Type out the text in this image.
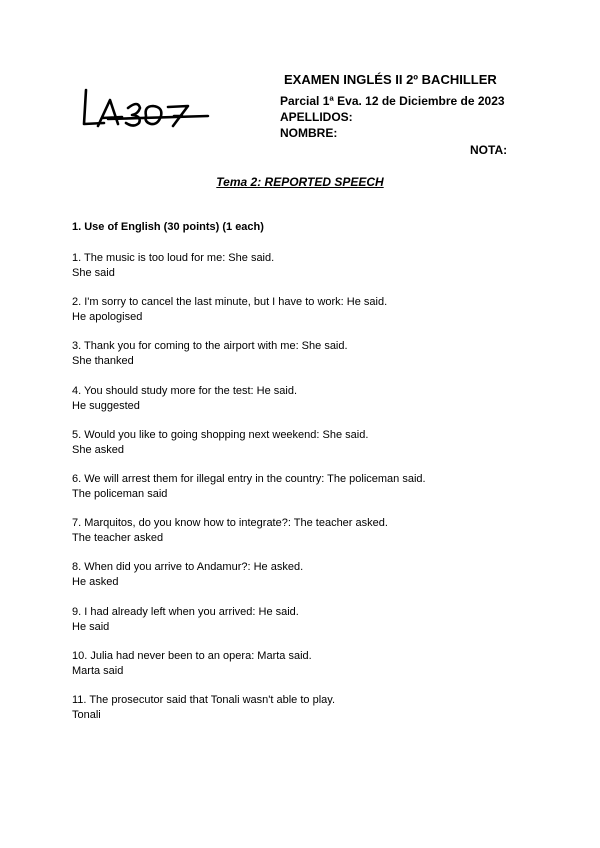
EXAMEN INGLÉS II 2º BACHILLER
Parcial 1ª Eva. 12 de Diciembre de 2023
APELLIDOS:
NOMBRE:
NOTA:
Tema 2: REPORTED SPEECH
1. Use of English (30 points) (1 each)
1. The music is too loud for me: She said.
She said
2. I'm sorry to cancel the last minute, but I have to work: He said.
He apologised
3. Thank you for coming to the airport with me: She said.
She thanked
4. You should study more for the test: He said.
He suggested
5. Would you like to going shopping next weekend: She said.
She asked
6. We will arrest them for illegal entry in the country: The policeman said.
The policeman said
7. Marquitos, do you know how to integrate?: The teacher asked.
The teacher asked
8. When did you arrive to Andamur?: He asked.
He asked
9. I had already left when you arrived: He said.
He said
10. Julia had never been to an opera: Marta said.
Marta said
11. The prosecutor said that Tonali wasn't able to play.
Tonali
